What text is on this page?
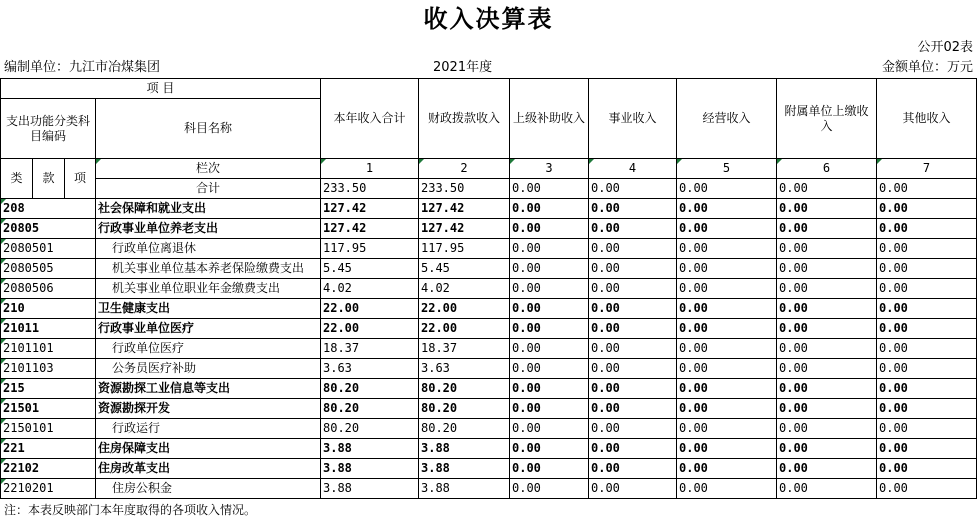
收入决算表
公开02表
编制单位：九江市冶煤集团	2021年度	金额单位：万元
项 目				本年收入合计	财政拨款收入	上级补助收入	事业收入	经营收入	附属单位上缴收入	其他收入
支出功能分类科目编码			科目名称							

类	款	项	栏次	1	2	3	4	5	6	7
			合计	233.50	233.50	0.00	0.00	0.00	0.00	0.00
208			社会保障和就业支出	127.42	127.42	0.00	0.00	0.00	0.00	0.00
20805			行政事业单位养老支出	127.42	127.42	0.00	0.00	0.00	0.00	0.00
2080501			行政单位离退休	117.95	117.95	0.00	0.00	0.00	0.00	0.00
2080505			机关事业单位基本养老保险缴费支出	5.45	5.45	0.00	0.00	0.00	0.00	0.00
2080506			机关事业单位职业年金缴费支出	4.02	4.02	0.00	0.00	0.00	0.00	0.00
210			卫生健康支出	22.00	22.00	0.00	0.00	0.00	0.00	0.00
21011			行政事业单位医疗	22.00	22.00	0.00	0.00	0.00	0.00	0.00
2101101			行政单位医疗	18.37	18.37	0.00	0.00	0.00	0.00	0.00
2101103			公务员医疗补助	3.63	3.63	0.00	0.00	0.00	0.00	0.00
215			资源勘探工业信息等支出	80.20	80.20	0.00	0.00	0.00	0.00	0.00
21501			资源勘探开发	80.20	80.20	0.00	0.00	0.00	0.00	0.00
2150101			行政运行	80.20	80.20	0.00	0.00	0.00	0.00	0.00
221			住房保障支出	3.88	3.88	0.00	0.00	0.00	0.00	0.00
22102			住房改革支出	3.88	3.88	0.00	0.00	0.00	0.00	0.00
2210201			住房公积金	3.88	3.88	0.00	0.00	0.00	0.00	0.00
注：本表反映部门本年度取得的各项收入情况。
